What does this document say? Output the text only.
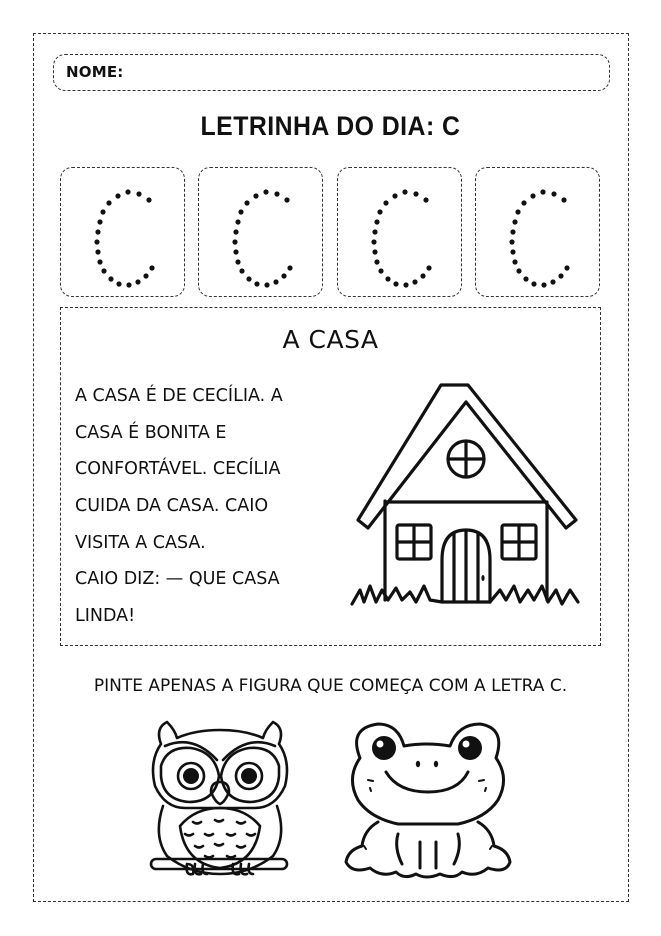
NOME:
LETRINHA DO DIA: C
A CASA
A CASA É DE CECÍLIA. A
CASA É BONITA E
CONFORTÁVEL. CECÍLIA
CUIDA DA CASA. CAIO
VISITA A CASA.
CAIO DIZ: — QUE CASA
LINDA!
PINTE APENAS A FIGURA QUE COMEÇA COM A LETRA C.
